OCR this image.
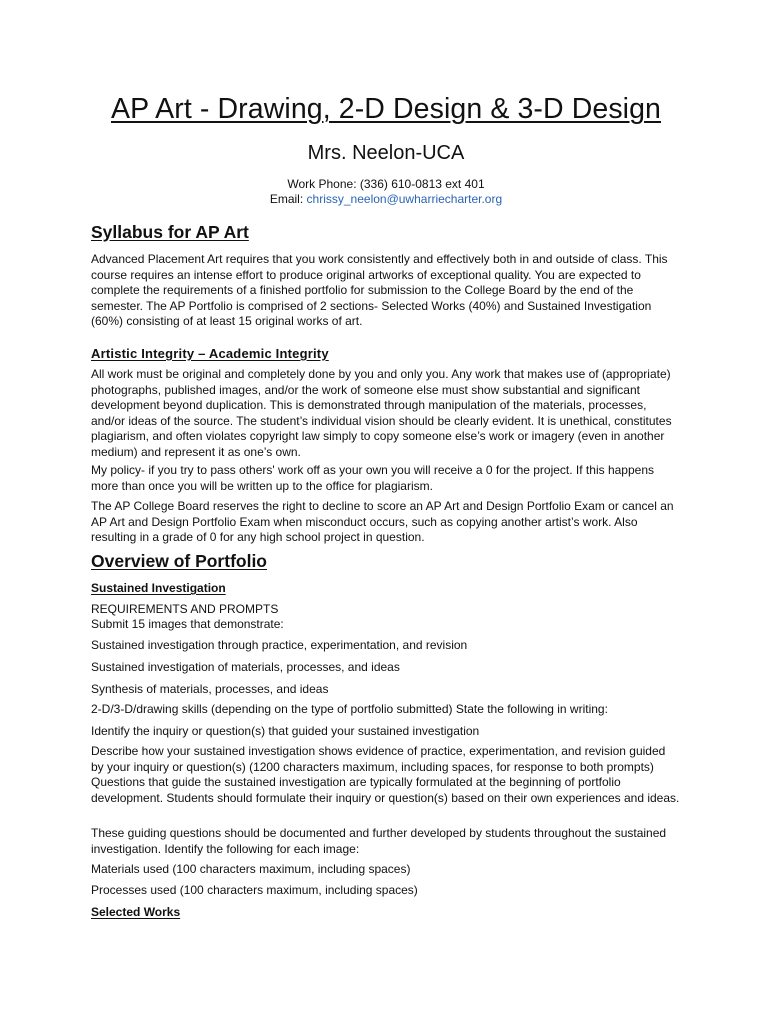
AP Art - Drawing, 2-D Design & 3-D Design
Mrs. Neelon-UCA
Work Phone: (336) 610-0813 ext 401
Email: chrissy_neelon@uwharriecharter.org
Syllabus for AP Art
Advanced Placement Art requires that you work consistently and effectively both in and outside of class. This course requires an intense effort to produce original artworks of exceptional quality. You are expected to complete the requirements of a finished portfolio for submission to the College Board by the end of the semester. The AP Portfolio is comprised of 2 sections- Selected Works (40%) and Sustained Investigation (60%) consisting of at least 15 original works of art.
Artistic Integrity – Academic Integrity
All work must be original and completely done by you and only you. Any work that makes use of (appropriate) photographs, published images, and/or the work of someone else must show substantial and significant development beyond duplication. This is demonstrated through manipulation of the materials, processes, and/or ideas of the source. The student’s individual vision should be clearly evident. It is unethical, constitutes plagiarism, and often violates copyright law simply to copy someone else’s work or imagery (even in another medium) and represent it as one’s own.
My policy- if you try to pass others' work off as your own you will receive a 0 for the project. If this happens more than once you will be written up to the office for plagiarism.
The AP College Board reserves the right to decline to score an AP Art and Design Portfolio Exam or cancel an AP Art and Design Portfolio Exam when misconduct occurs, such as copying another artist’s work. Also resulting in a grade of 0 for any high school project in question.
Overview of Portfolio
Sustained Investigation
REQUIREMENTS AND PROMPTS
Submit 15 images that demonstrate:
Sustained investigation through practice, experimentation, and revision
Sustained investigation of materials, processes, and ideas
Synthesis of materials, processes, and ideas
2-D/3-D/drawing skills (depending on the type of portfolio submitted) State the following in writing:
Identify the inquiry or question(s) that guided your sustained investigation
Describe how your sustained investigation shows evidence of practice, experimentation, and revision guided by your inquiry or question(s) (1200 characters maximum, including spaces, for response to both prompts) Questions that guide the sustained investigation are typically formulated at the beginning of portfolio development. Students should formulate their inquiry or question(s) based on their own experiences and ideas.
These guiding questions should be documented and further developed by students throughout the sustained investigation. Identify the following for each image:
Materials used (100 characters maximum, including spaces)
Processes used (100 characters maximum, including spaces)
Selected Works
